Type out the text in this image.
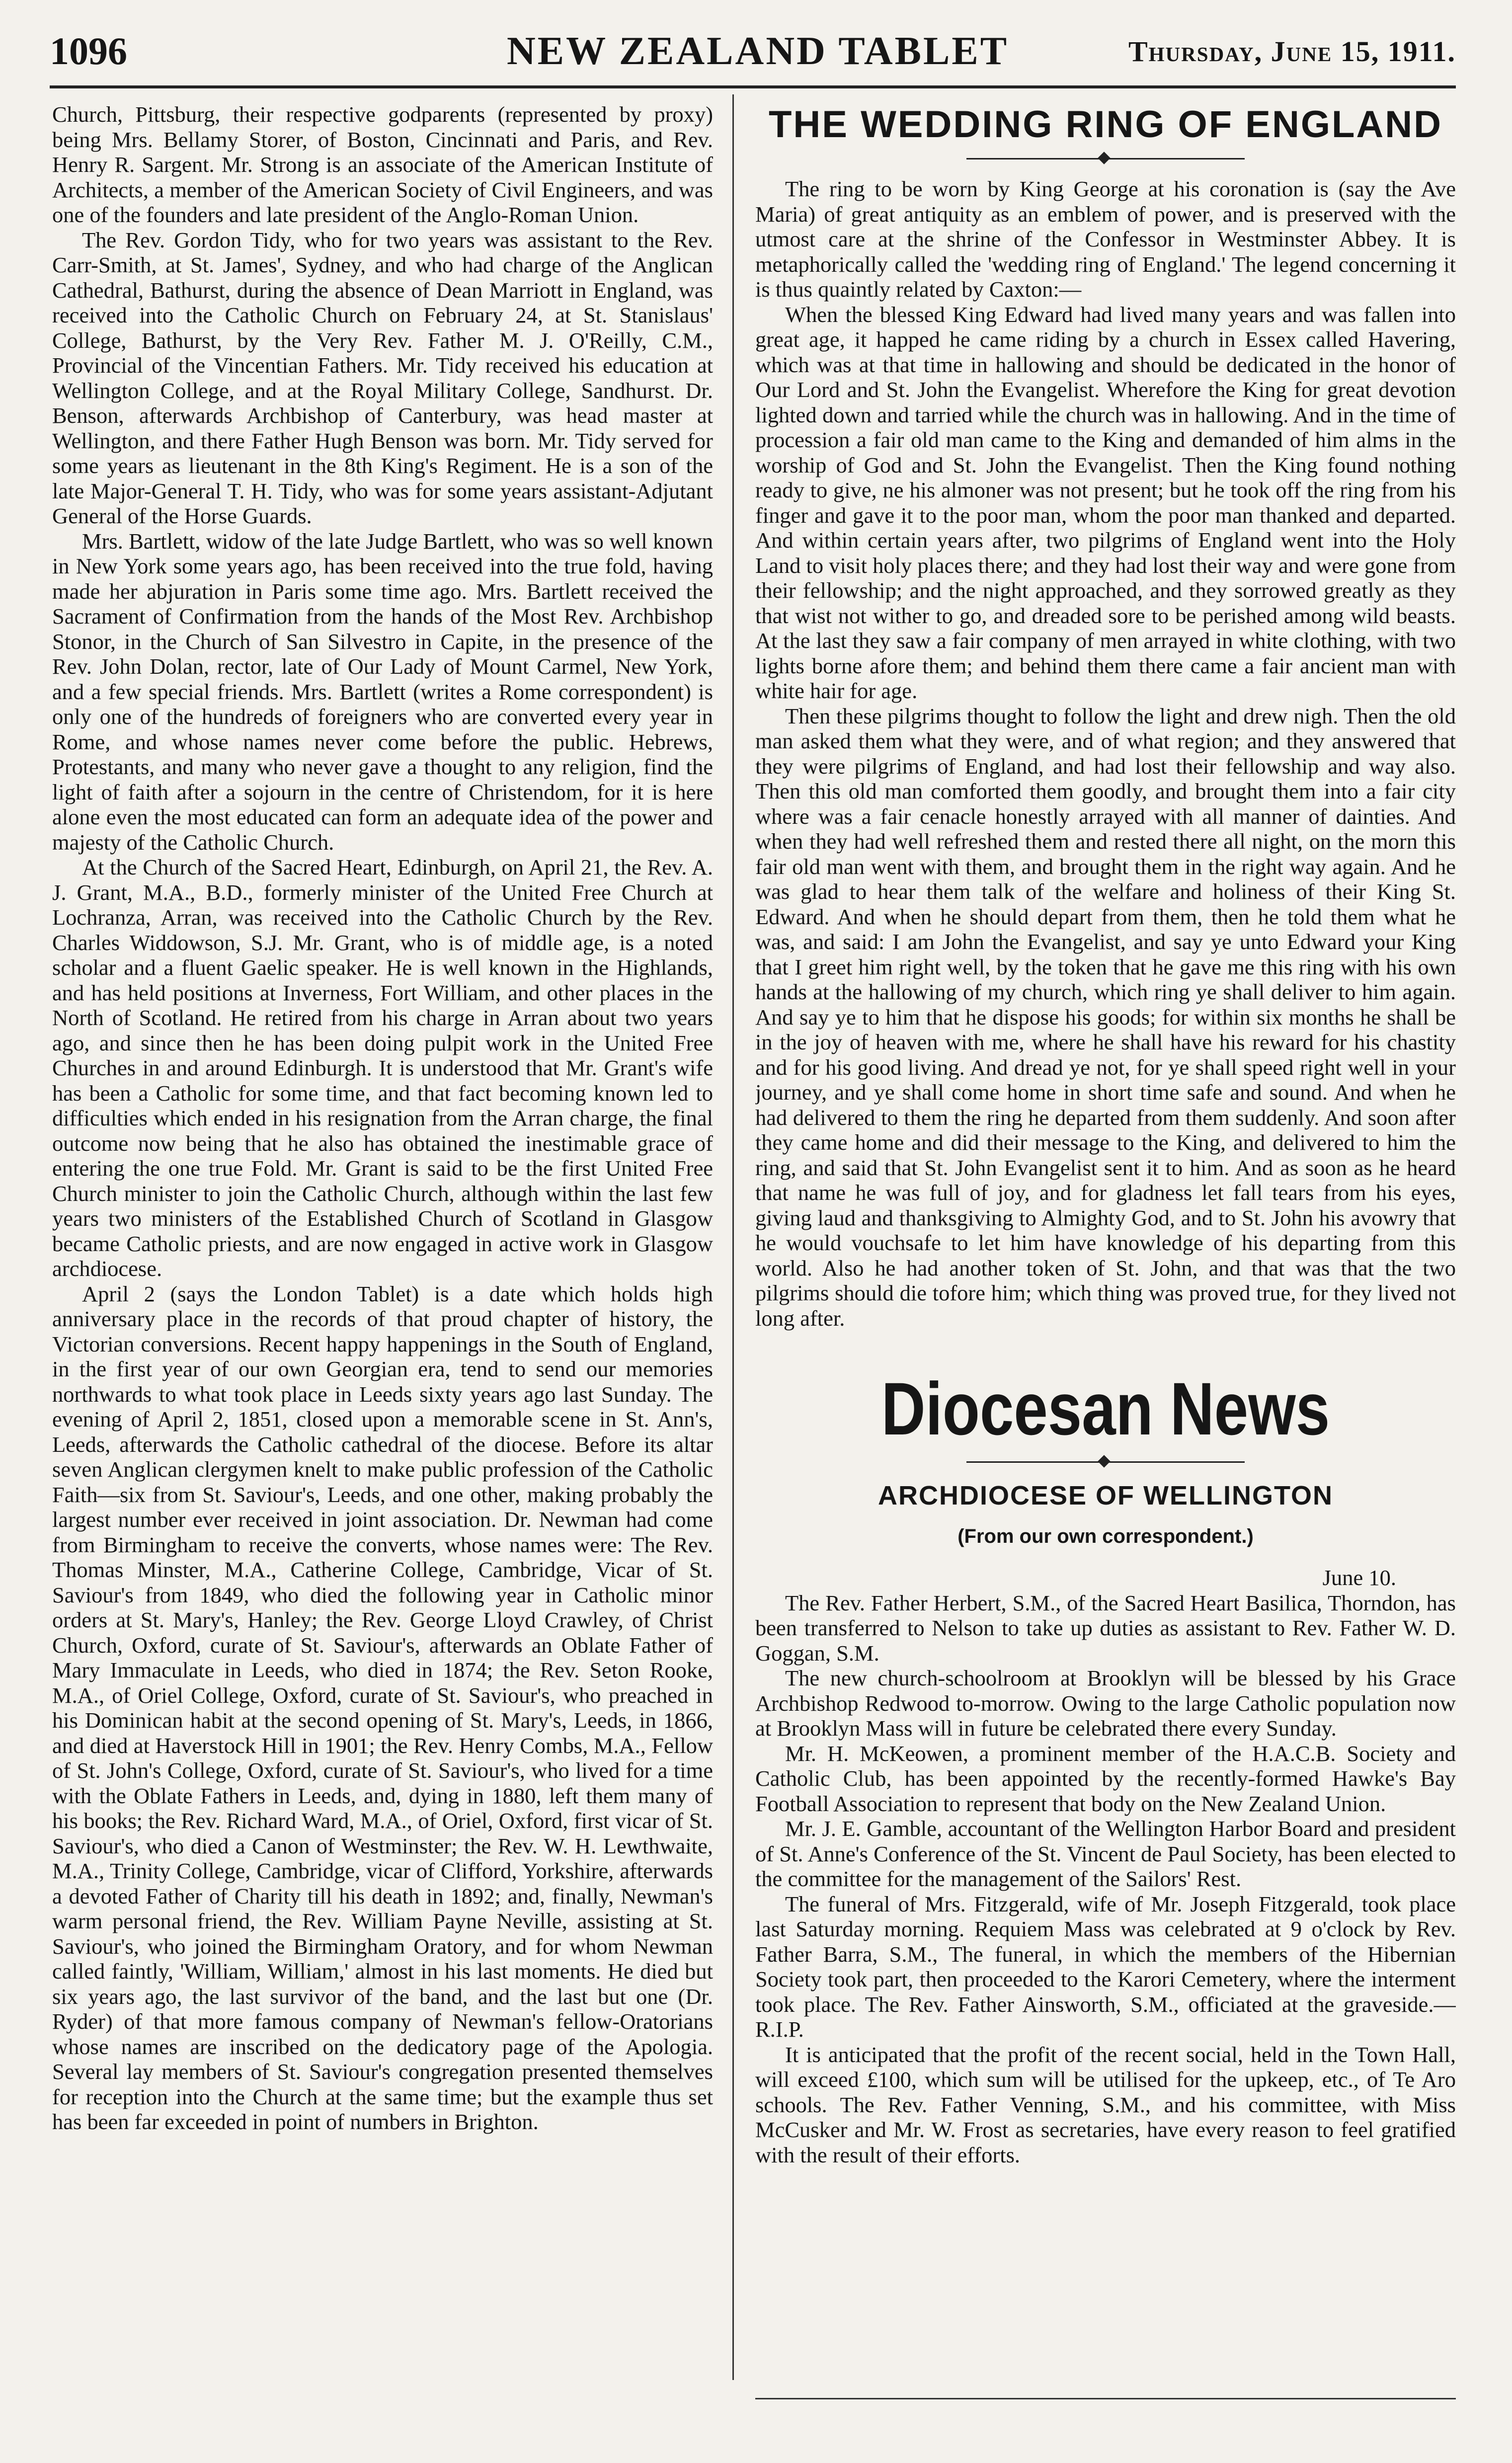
1096	NEW ZEALAND TABLET	Thursday, June 15, 1911.

Church, Pittsburg, their respective godparents (represented by proxy) being Mrs. Bellamy Storer, of Boston, Cincinnati and Paris, and Rev. Henry R. Sargent. Mr. Strong is an associate of the American Institute of Architects, a member of the American Society of Civil Engineers, and was one of the founders and late president of the Anglo-Roman Union.

The Rev. Gordon Tidy, who for two years was assistant to the Rev. Carr-Smith, at St. James', Sydney, and who had charge of the Anglican Cathedral, Bathurst, during the absence of Dean Marriott in England, was received into the Catholic Church on February 24, at St. Stanislaus' College, Bathurst, by the Very Rev. Father M. J. O'Reilly, C.M., Provincial of the Vincentian Fathers. Mr. Tidy received his education at Wellington College, and at the Royal Military College, Sandhurst. Dr. Benson, afterwards Archbishop of Canterbury, was head master at Wellington, and there Father Hugh Benson was born. Mr. Tidy served for some years as lieutenant in the 8th King's Regiment. He is a son of the late Major-General T. H. Tidy, who was for some years assistant-Adjutant General of the Horse Guards.

Mrs. Bartlett, widow of the late Judge Bartlett, who was so well known in New York some years ago, has been received into the true fold, having made her abjuration in Paris some time ago. Mrs. Bartlett received the Sacrament of Confirmation from the hands of the Most Rev. Archbishop Stonor, in the Church of San Silvestro in Capite, in the presence of the Rev. John Dolan, rector, late of Our Lady of Mount Carmel, New York, and a few special friends. Mrs. Bartlett (writes a Rome correspondent) is only one of the hundreds of foreigners who are converted every year in Rome, and whose names never come before the public. Hebrews, Protestants, and many who never gave a thought to any religion, find the light of faith after a sojourn in the centre of Christendom, for it is here alone even the most educated can form an adequate idea of the power and majesty of the Catholic Church.

At the Church of the Sacred Heart, Edinburgh, on April 21, the Rev. A. J. Grant, M.A., B.D., formerly minister of the United Free Church at Lochranza, Arran, was received into the Catholic Church by the Rev. Charles Widdowson, S.J. Mr. Grant, who is of middle age, is a noted scholar and a fluent Gaelic speaker. He is well known in the Highlands, and has held positions at Inverness, Fort William, and other places in the North of Scotland. He retired from his charge in Arran about two years ago, and since then he has been doing pulpit work in the United Free Churches in and around Edinburgh. It is understood that Mr. Grant's wife has been a Catholic for some time, and that fact becoming known led to difficulties which ended in his resignation from the Arran charge, the final outcome now being that he also has obtained the inestimable grace of entering the one true Fold. Mr. Grant is said to be the first United Free Church minister to join the Catholic Church, although within the last few years two ministers of the Established Church of Scotland in Glasgow became Catholic priests, and are now engaged in active work in Glasgow archdiocese.

April 2 (says the London Tablet) is a date which holds high anniversary place in the records of that proud chapter of history, the Victorian conversions. Recent happy happenings in the South of England, in the first year of our own Georgian era, tend to send our memories northwards to what took place in Leeds sixty years ago last Sunday. The evening of April 2, 1851, closed upon a memorable scene in St. Ann's, Leeds, afterwards the Catholic cathedral of the diocese. Before its altar seven Anglican clergymen knelt to make public profession of the Catholic Faith—six from St. Saviour's, Leeds, and one other, making probably the largest number ever received in joint association. Dr. Newman had come from Birmingham to receive the converts, whose names were: The Rev. Thomas Minster, M.A., Catherine College, Cambridge, Vicar of St. Saviour's from 1849, who died the following year in Catholic minor orders at St. Mary's, Hanley; the Rev. George Lloyd Crawley, of Christ Church, Oxford, curate of St. Saviour's, afterwards an Oblate Father of Mary Immaculate in Leeds, who died in 1874; the Rev. Seton Rooke, M.A., of Oriel College, Oxford, curate of St. Saviour's, who preached in his Dominican habit at the second opening of St. Mary's, Leeds, in 1866, and died at Haverstock Hill in 1901; the Rev. Henry Combs, M.A., Fellow of St. John's College, Oxford, curate of St. Saviour's, who lived for a time with the Oblate Fathers in Leeds, and, dying in 1880, left them many of his books; the Rev. Richard Ward, M.A., of Oriel, Oxford, first vicar of St. Saviour's, who died a Canon of Westminster; the Rev. W. H. Lewthwaite, M.A., Trinity College, Cambridge, vicar of Clifford, Yorkshire, afterwards a devoted Father of Charity till his death in 1892; and, finally, Newman's warm personal friend, the Rev. William Payne Neville, assisting at St. Saviour's, who joined the Birmingham Oratory, and for whom Newman called faintly, 'William, William,' almost in his last moments. He died but six years ago, the last survivor of the band, and the last but one (Dr. Ryder) of that more famous company of Newman's fellow-Oratorians whose names are inscribed on the dedicatory page of the Apologia. Several lay members of St. Saviour's congregation presented themselves for reception into the Church at the same time; but the example thus set has been far exceeded in point of numbers in Brighton.

THE WEDDING RING OF ENGLAND

The ring to be worn by King George at his coronation is (say the Ave Maria) of great antiquity as an emblem of power, and is preserved with the utmost care at the shrine of the Confessor in Westminster Abbey. It is metaphorically called the 'wedding ring of England.' The legend concerning it is thus quaintly related by Caxton:—

When the blessed King Edward had lived many years and was fallen into great age, it happed he came riding by a church in Essex called Havering, which was at that time in hallowing and should be dedicated in the honor of Our Lord and St. John the Evangelist. Wherefore the King for great devotion lighted down and tarried while the church was in hallowing. And in the time of procession a fair old man came to the King and demanded of him alms in the worship of God and St. John the Evangelist. Then the King found nothing ready to give, ne his almoner was not present; but he took off the ring from his finger and gave it to the poor man, whom the poor man thanked and departed. And within certain years after, two pilgrims of England went into the Holy Land to visit holy places there; and they had lost their way and were gone from their fellowship; and the night approached, and they sorrowed greatly as they that wist not wither to go, and dreaded sore to be perished among wild beasts. At the last they saw a fair company of men arrayed in white clothing, with two lights borne afore them; and behind them there came a fair ancient man with white hair for age.

Then these pilgrims thought to follow the light and drew nigh. Then the old man asked them what they were, and of what region; and they answered that they were pilgrims of England, and had lost their fellowship and way also. Then this old man comforted them goodly, and brought them into a fair city where was a fair cenacle honestly arrayed with all manner of dainties. And when they had well refreshed them and rested there all night, on the morn this fair old man went with them, and brought them in the right way again. And he was glad to hear them talk of the welfare and holiness of their King St. Edward. And when he should depart from them, then he told them what he was, and said: I am John the Evangelist, and say ye unto Edward your King that I greet him right well, by the token that he gave me this ring with his own hands at the hallowing of my church, which ring ye shall deliver to him again. And say ye to him that he dispose his goods; for within six months he shall be in the joy of heaven with me, where he shall have his reward for his chastity and for his good living. And dread ye not, for ye shall speed right well in your journey, and ye shall come home in short time safe and sound. And when he had delivered to them the ring he departed from them suddenly. And soon after they came home and did their message to the King, and delivered to him the ring, and said that St. John Evangelist sent it to him. And as soon as he heard that name he was full of joy, and for gladness let fall tears from his eyes, giving laud and thanksgiving to Almighty God, and to St. John his avowry that he would vouchsafe to let him have knowledge of his departing from this world. Also he had another token of St. John, and that was that the two pilgrims should die tofore him; which thing was proved true, for they lived not long after.

Diocesan News
ARCHDIOCESE OF WELLINGTON
(From our own correspondent.)

June 10.

The Rev. Father Herbert, S.M., of the Sacred Heart Basilica, Thorndon, has been transferred to Nelson to take up duties as assistant to Rev. Father W. D. Goggan, S.M.

The new church-schoolroom at Brooklyn will be blessed by his Grace Archbishop Redwood to-morrow. Owing to the large Catholic population now at Brooklyn Mass will in future be celebrated there every Sunday.

Mr. H. McKeowen, a prominent member of the H.A.C.B. Society and Catholic Club, has been appointed by the recently-formed Hawke's Bay Football Association to represent that body on the New Zealand Union.

Mr. J. E. Gamble, accountant of the Wellington Harbor Board and president of St. Anne's Conference of the St. Vincent de Paul Society, has been elected to the committee for the management of the Sailors' Rest.

The funeral of Mrs. Fitzgerald, wife of Mr. Joseph Fitzgerald, took place last Saturday morning. Requiem Mass was celebrated at 9 o'clock by Rev. Father Barra, S.M., The funeral, in which the members of the Hibernian Society took part, then proceeded to the Karori Cemetery, where the interment took place. The Rev. Father Ainsworth, S.M., officiated at the graveside.—R.I.P.

It is anticipated that the profit of the recent social, held in the Town Hall, will exceed £100, which sum will be utilised for the upkeep, etc., of Te Aro schools. The Rev. Father Venning, S.M., and his committee, with Miss McCusker and Mr. W. Frost as secretaries, have every reason to feel gratified with the result of their efforts.
